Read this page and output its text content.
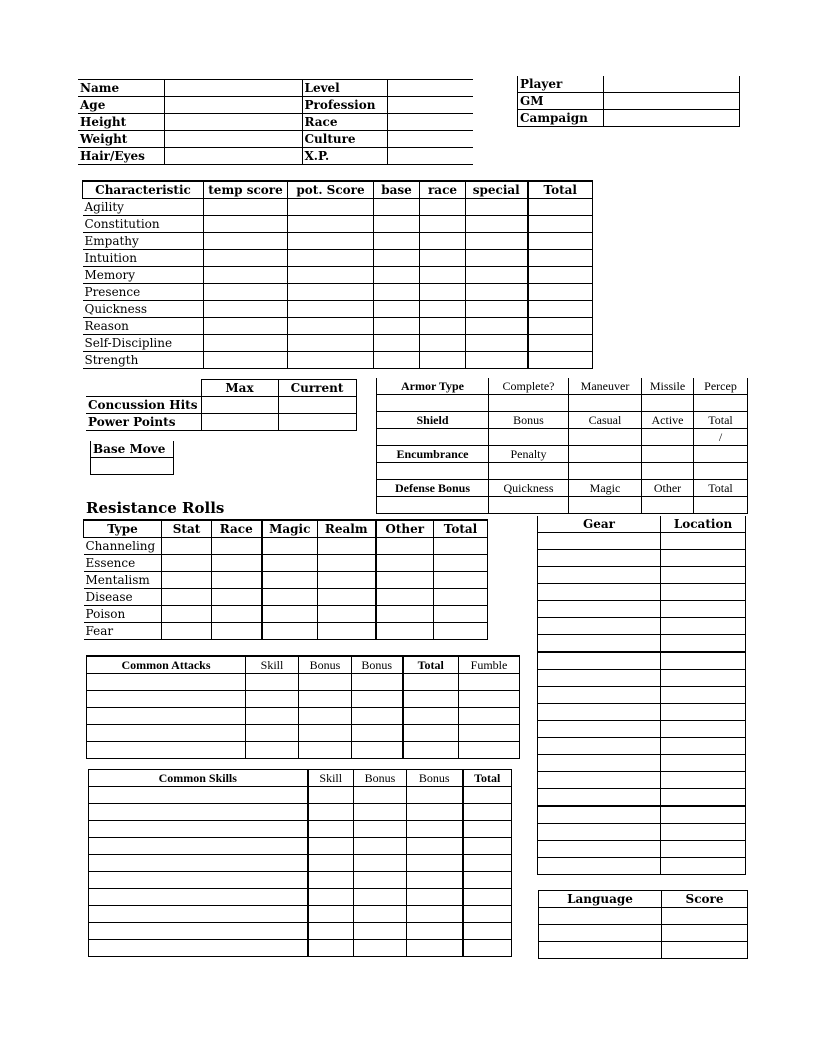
Name		Level	
Age		Profession	
Height		Race	
Weight		Culture	
Hair/Eyes		X.P.	
Player	
GM	
Campaign	
Characteristic	temp score	pot. Score	base	race	special	Total
Agility						
Constitution						
Empathy						
Intuition						
Memory						
Presence						
Quickness						
Reason						
Self-Discipline						
Strength						
	Max	Current
Concussion Hits		
Power Points		
Base Move

Armor Type	Complete?	Maneuver	Missile	Percep

Shield	Bonus	Casual	Active	Total
				/
Encumbrance	Penalty			

Defense Bonus	Quickness	Magic	Other	Total

Resistance Rolls
Type	Stat	Race	Magic	Realm	Other	Total
Channeling						
Essence						
Mentalism						
Disease						
Poison						
Fear						
Common Attacks	Skill	Bonus	Bonus	Total	Fumble

Common Skills	Skill	Bonus	Bonus	Total

Gear	Location

Language	Score
